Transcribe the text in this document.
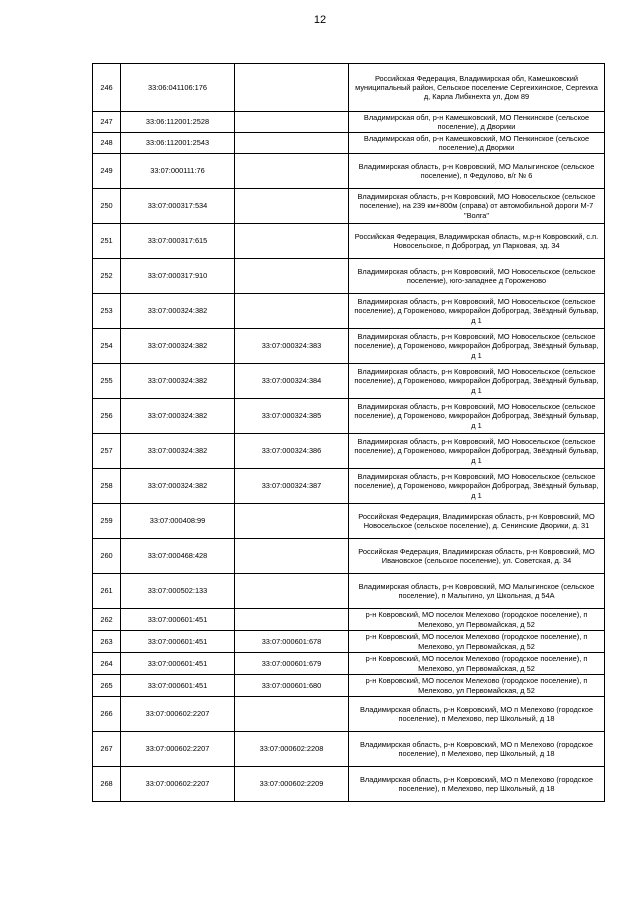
12
246	33:06:041106:176		Российская Федерация, Владимирская обл, Камешковский муниципальный район, Сельское поселение Сергеихинское, Сергеиха д, Карла Либкнехта ул, Дом 89
247	33:06:112001:2528		Владимирская обл, р-н Камешковский, МО Пенкинское (сельское поселение), д Дворики
248	33:06:112001:2543		Владимирская обл, р-н Камешковский, МО Пенкинское (сельское поселение),д Дворики
249	33:07:000111:76		Владимирская область, р-н Ковровский, МО Малыгинское (сельское поселение), п Федулово, в/г № 6
250	33:07:000317:534		Владимирская область, р-н Ковровский, МО Новосельское (сельское поселение), на 239 км+800м (справа) от автомобильной дороги М-7 "Волга"
251	33:07:000317:615		Российская Федерация, Владимирская область, м.р-н Ковровский, с.п. Новосельское, п Доброград, ул Парковая, зд. 34
252	33:07:000317:910		Владимирская область, р-н Ковровский, МО Новосельское (сельское поселение), юго-западнее д Гороженово
253	33:07:000324:382		Владимирская область, р-н Ковровский, МО Новосельское (сельское поселение), д Гороженово, микрорайон Доброград, Звёздный бульвар, д 1
254	33:07:000324:382	33:07:000324:383	Владимирская область, р-н Ковровский, МО Новосельское (сельское поселение), д Гороженово, микрорайон Доброград, Звёздный бульвар, д 1
255	33:07:000324:382	33:07:000324:384	Владимирская область, р-н Ковровский, МО Новосельское (сельское поселение), д Гороженово, микрорайон Доброград, Звёздный бульвар, д 1
256	33:07:000324:382	33:07:000324:385	Владимирская область, р-н Ковровский, МО Новосельское (сельское поселение), д Гороженово, микрорайон Доброград, Звёздный бульвар, д 1
257	33:07:000324:382	33:07:000324:386	Владимирская область, р-н Ковровский, МО Новосельское (сельское поселение), д Гороженово, микрорайон Доброград, Звёздный бульвар, д 1
258	33:07:000324:382	33:07:000324:387	Владимирская область, р-н Ковровский, МО Новосельское (сельское поселение), д Гороженово, микрорайон Доброград, Звёздный бульвар, д 1
259	33:07:000408:99		Российская Федерация, Владимирская область, р-н Ковровский, МО Новосельское (сельское поселение), д. Сенинские Дворики, д. 31
260	33:07:000468:428		Российская Федерация, Владимирская область, р-н Ковровский, МО Ивановское (сельское поселение), ул. Советская, д. 34
261	33:07:000502:133		Владимирская область, р-н Ковровский, МО Малыгинское (сельское поселение), п Малыгино, ул Школьная, д 54А
262	33:07:000601:451		р-н Ковровский, МО поселок Мелехово (городское поселение), п Мелехово, ул Первомайская, д 52
263	33:07:000601:451	33:07:000601:678	р-н Ковровский, МО поселок Мелехово (городское поселение), п Мелехово, ул Первомайская, д 52
264	33:07:000601:451	33:07:000601:679	р-н Ковровский, МО поселок Мелехово (городское поселение), п Мелехово, ул Первомайская, д 52
265	33:07:000601:451	33:07:000601:680	р-н Ковровский, МО поселок Мелехово (городское поселение), п Мелехово, ул Первомайская, д 52
266	33:07:000602:2207		Владимирская область, р-н Ковровский, МО п Мелехово (городское поселение), п Мелехово, пер Школьный, д 18
267	33:07:000602:2207	33:07:000602:2208	Владимирская область, р-н Ковровский, МО п Мелехово (городское поселение), п Мелехово, пер Школьный, д 18
268	33:07:000602:2207	33:07:000602:2209	Владимирская область, р-н Ковровский, МО п Мелехово (городское поселение), п Мелехово, пер Школьный, д 18
